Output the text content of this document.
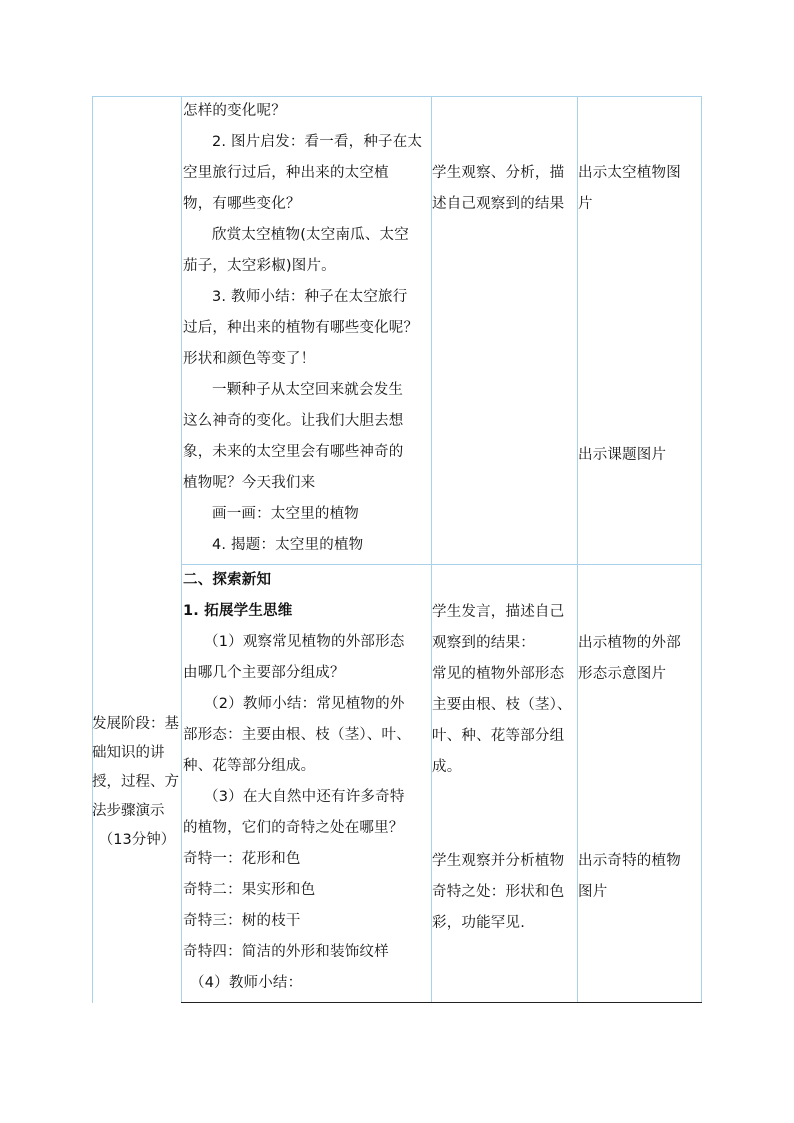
怎样的变化呢？

2. 图片启发：看一看，种子在太

空里旅行过后，种出来的太空植

物，有哪些变化？

欣赏太空植物(太空南瓜、太空

茄子，太空彩椒)图片。

3. 教师小结：种子在太空旅行

过后，种出来的植物有哪些变化呢？

形状和颜色等变了！

一颗种子从太空回来就会发生

这么神奇的变化。让我们大胆去想

象，未来的太空里会有哪些神奇的

植物呢？今天我们来

画一画：太空里的植物

4. 揭题：太空里的植物

学生观察、分析，描

述自己观察到的结果

出示太空植物图

片

出示课题图片

发展阶段：基
础知识的讲
授，过程、方
法步骤演示
（13分钟）

二、探索新知

1. 拓展学生思维

（1）观察常见植物的外部形态

由哪几个主要部分组成？

（2）教师小结：常见植物的外

部形态：主要由根、枝（茎）、叶、

种、花等部分组成。

（3）在大自然中还有许多奇特

的植物，它们的奇特之处在哪里？

奇特一：花形和色

奇特二：果实形和色

奇特三：树的枝干

奇特四：简洁的外形和装饰纹样

（4）教师小结：

学生发言，描述自己

观察到的结果：

常见的植物外部形态

主要由根、枝（茎）、

叶、种、花等部分组

成。

学生观察并分析植物

奇特之处：形状和色

彩，功能罕见.

出示植物的外部

形态示意图片

出示奇特的植物

图片
